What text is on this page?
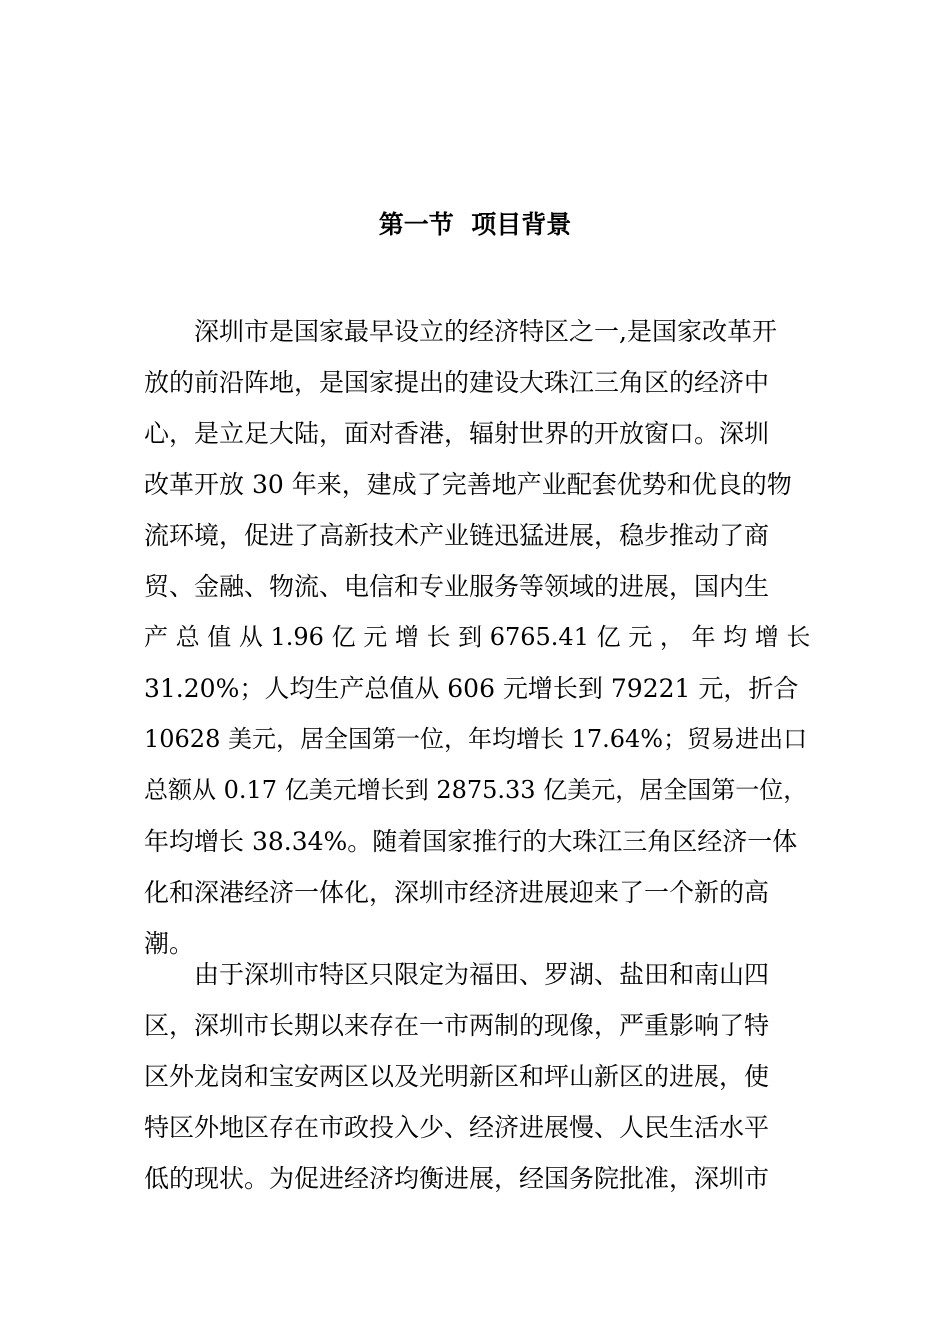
第一节  项目背景
深圳市是国家最早设立的经济特区之一,是国家改革开
放的前沿阵地，是国家提出的建设大珠江三角区的经济中
心，是立足大陆，面对香港，辐射世界的开放窗口。深圳
改革开放 30 年来，建成了完善地产业配套优势和优良的物
流环境，促进了高新技术产业链迅猛进展，稳步推动了商
贸、金融、物流、电信和专业服务等领域的进展，国内生
产 总 值 从 1.96 亿 元 增 长 到 6765.41 亿 元 ， 年 均 增 长
31.20%；人均生产总值从 606 元增长到 79221 元，折合
10628 美元，居全国第一位，年均增长 17.64%；贸易进出口
总额从 0.17 亿美元增长到 2875.33 亿美元，居全国第一位，
年均增长 38.34%。随着国家推行的大珠江三角区经济一体
化和深港经济一体化，深圳市经济进展迎来了一个新的高
潮。
由于深圳市特区只限定为福田、罗湖、盐田和南山四
区，深圳市长期以来存在一市两制的现像，严重影响了特
区外龙岗和宝安两区以及光明新区和坪山新区的进展，使
特区外地区存在市政投入少、经济进展慢、人民生活水平
低的现状。为促进经济均衡进展，经国务院批准，深圳市
